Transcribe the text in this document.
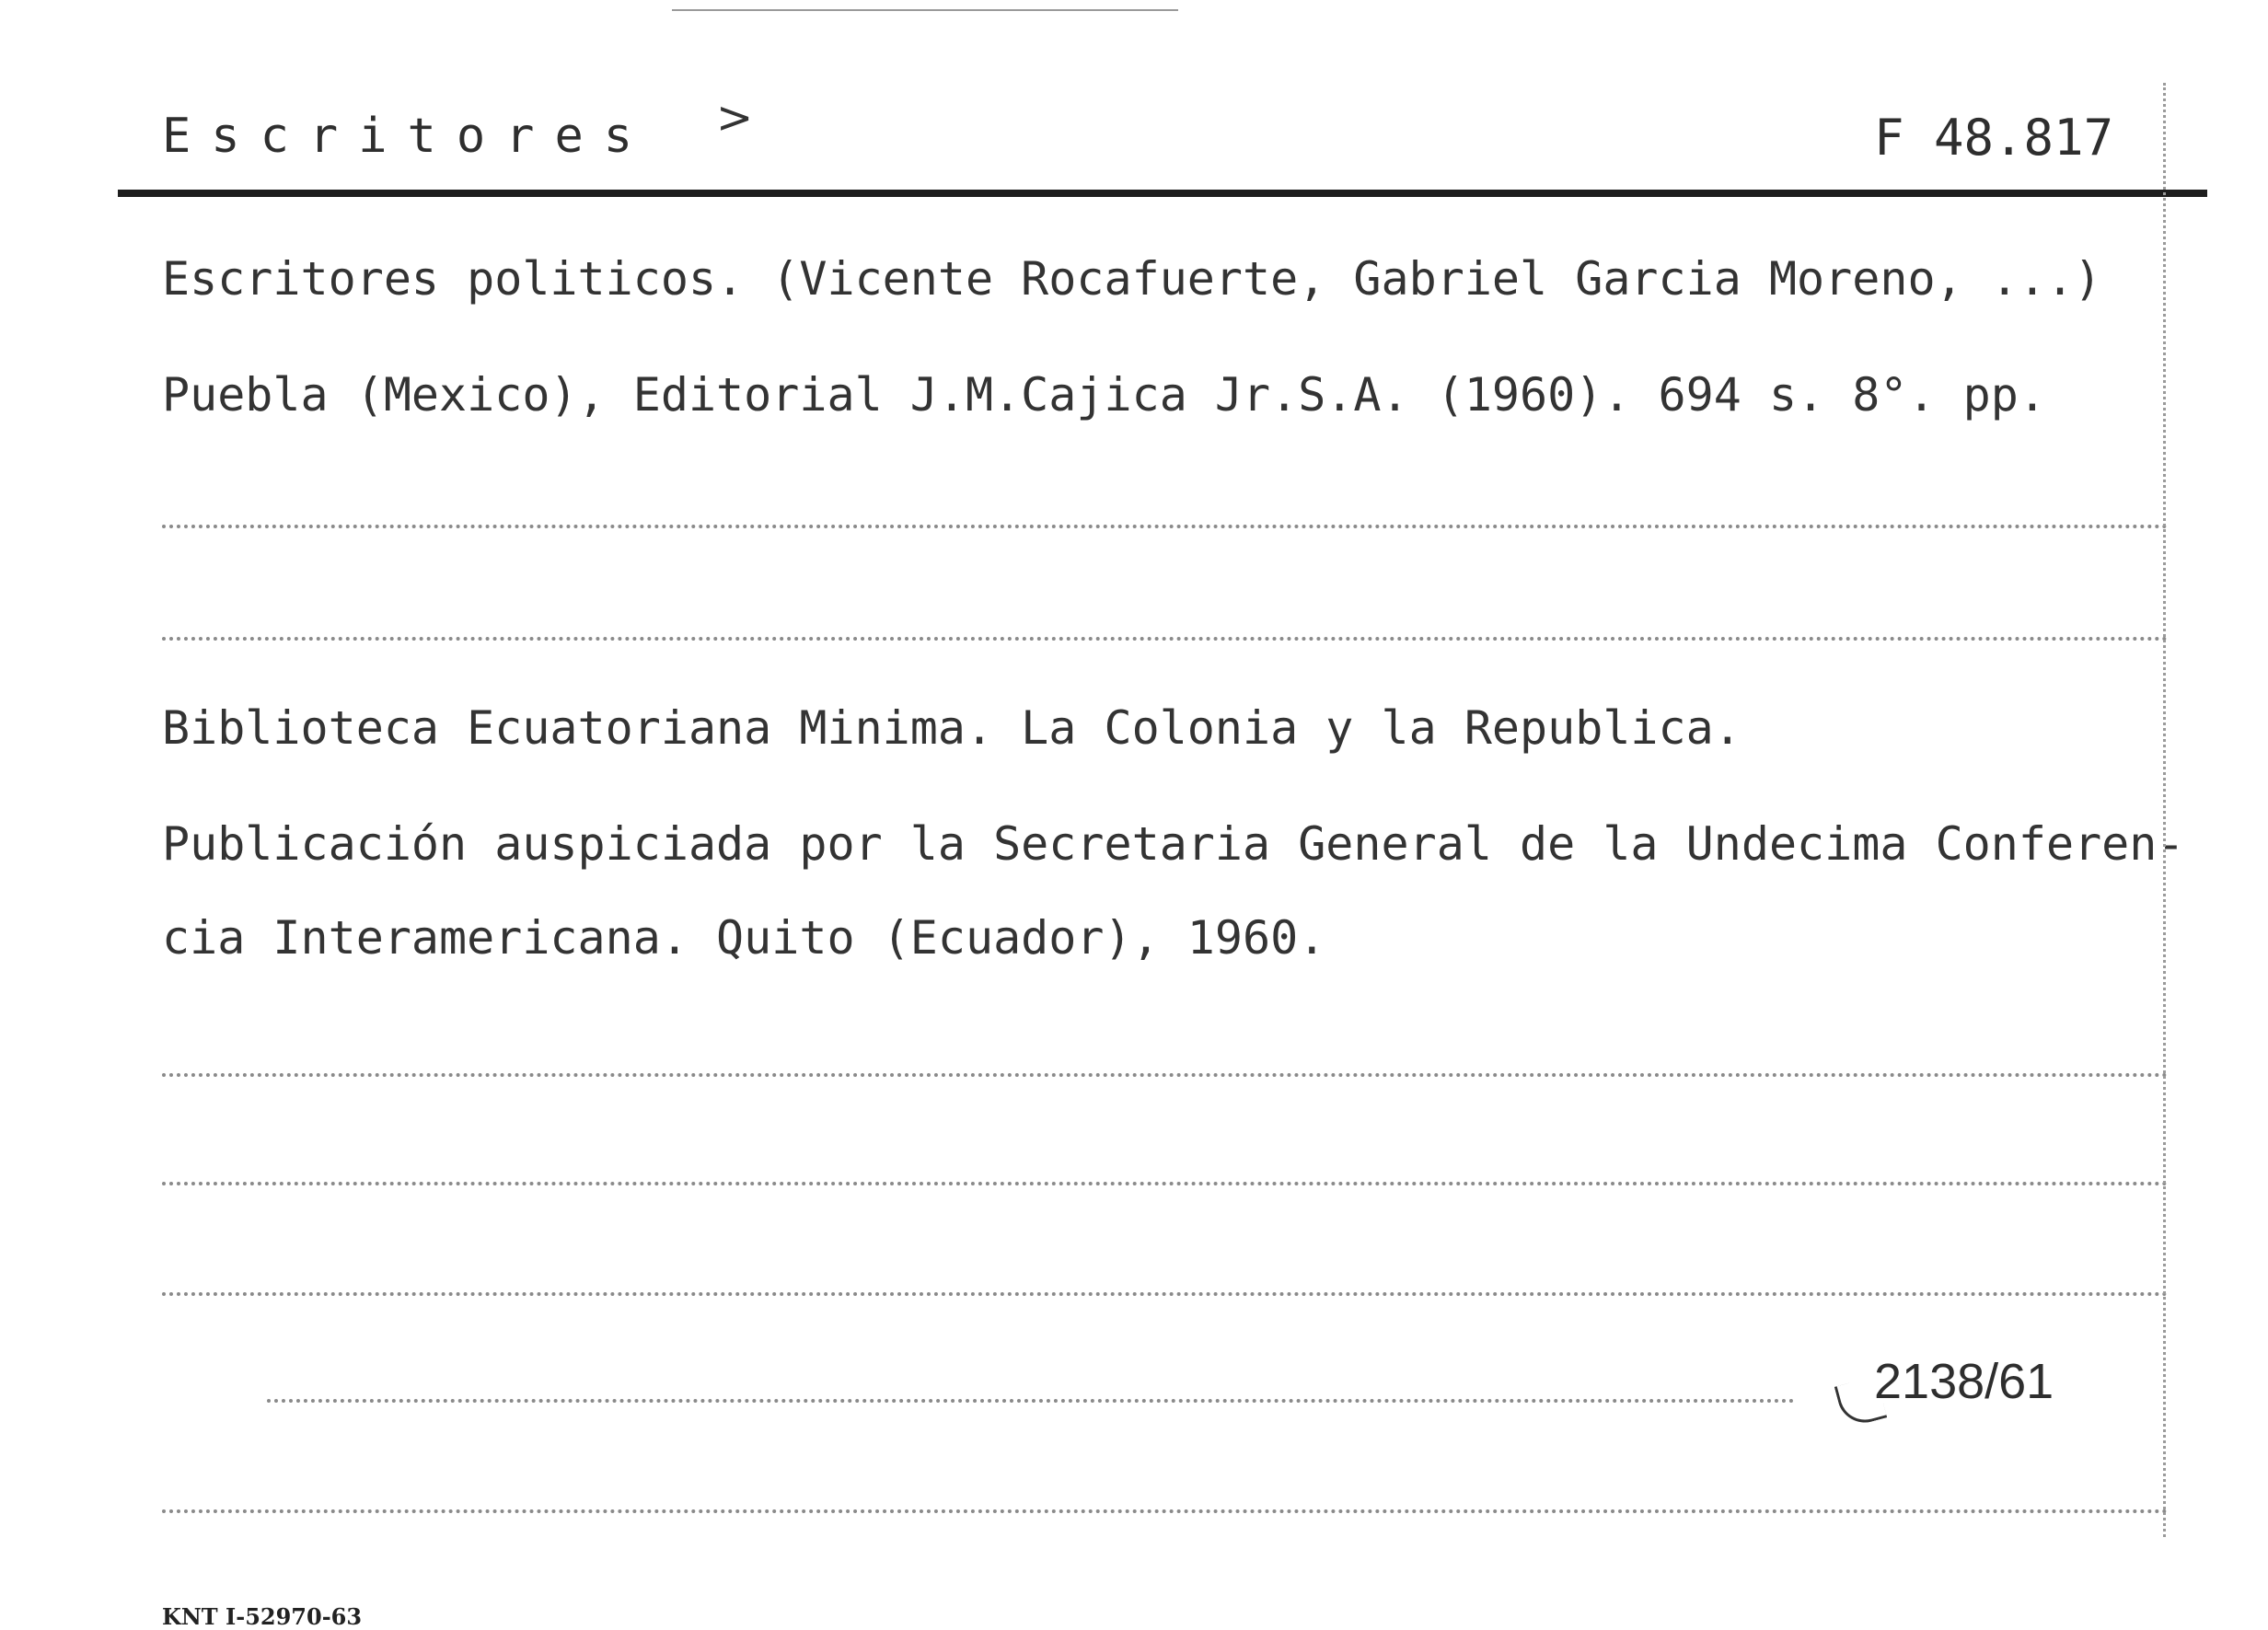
Escritores >	F 48.817
Escritores politicos. (Vicente Rocafuerte, Gabriel Garcia Moreno, ...)
Puebla (Mexico), Editorial J.M.Cajica Jr.S.A. (1960). 694 s. 8°. pp.
Biblioteca Ecuatoriana Minima. La Colonia y la Republica.
Publicación auspiciada por la Secretaria General de la Undecima Conferen-
cia Interamericana. Quito (Ecuador), 1960.
2138/61
KNT I-52970-63
